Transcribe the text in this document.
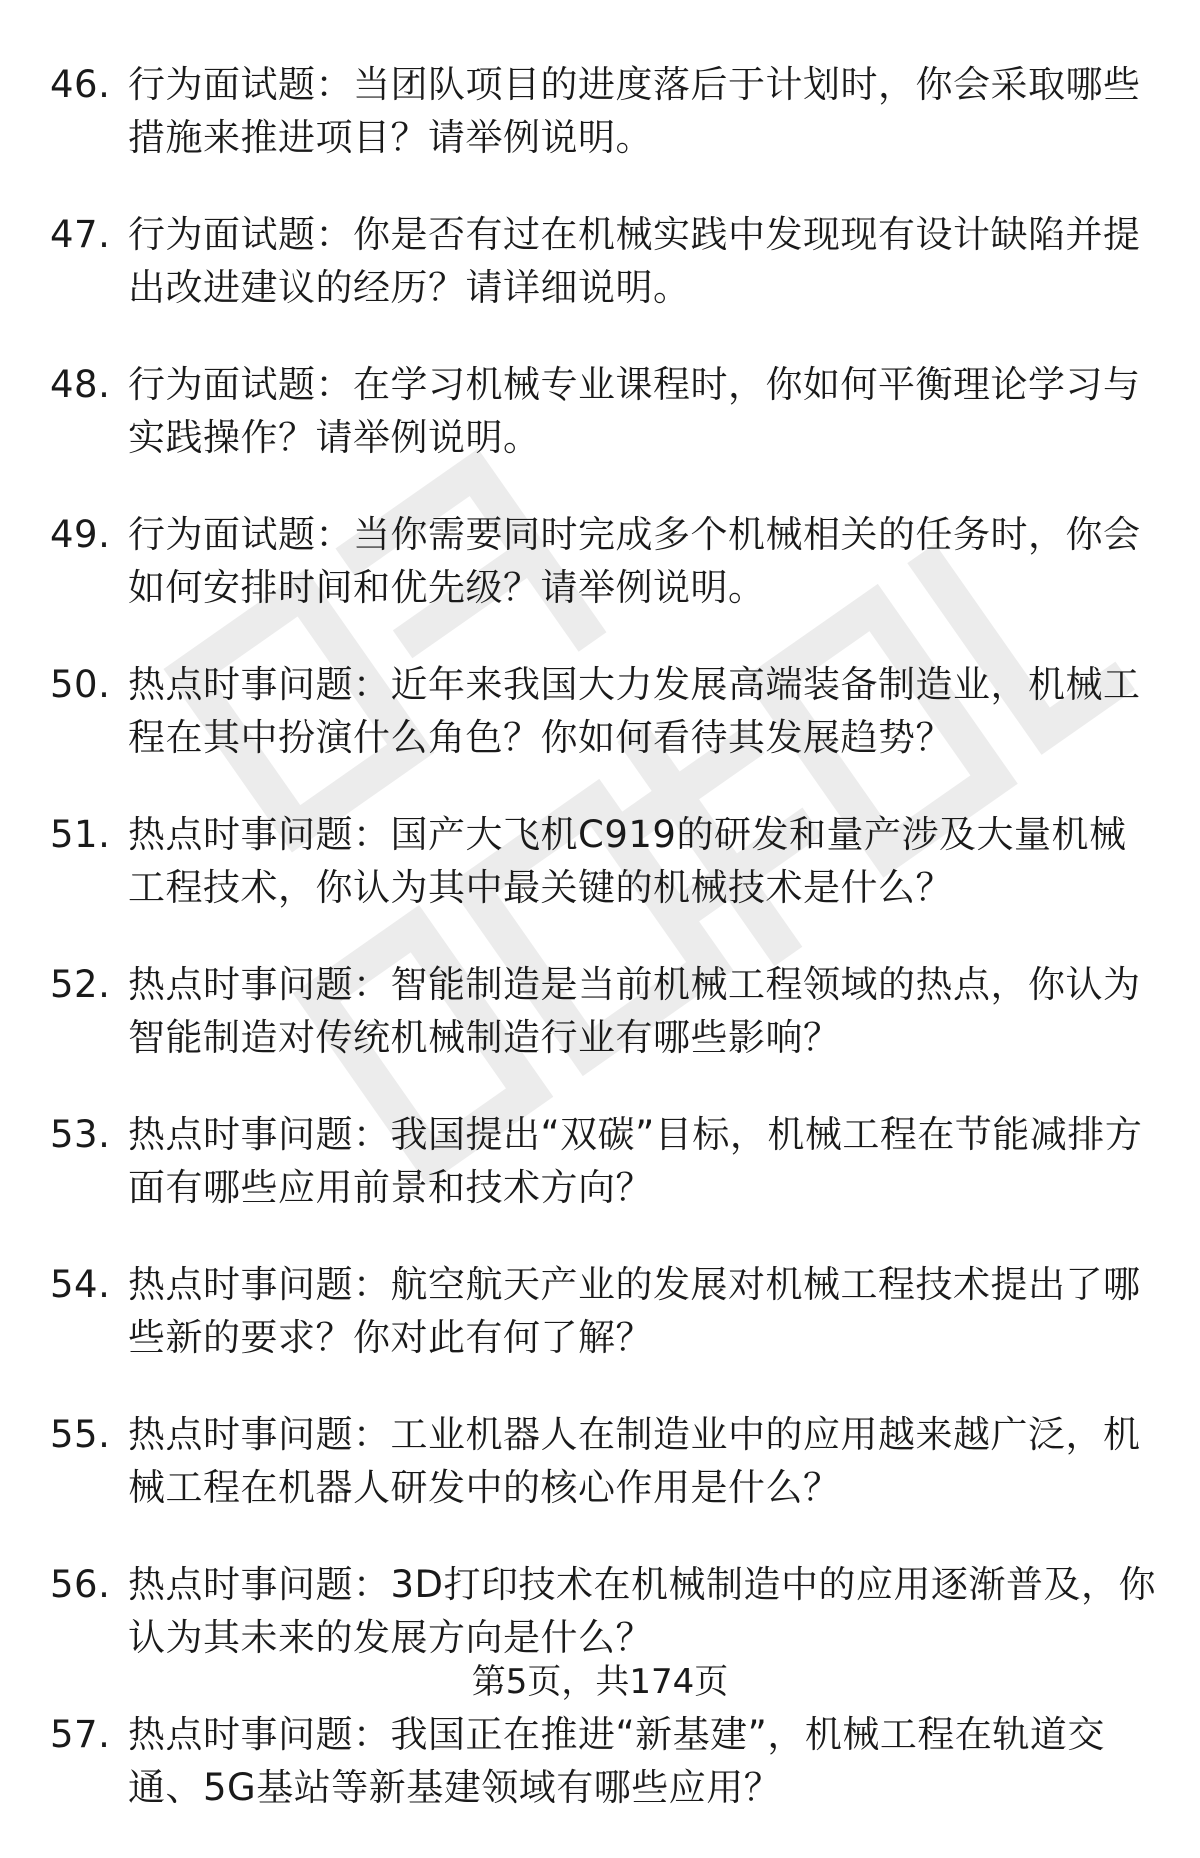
46. 行为面试题：当团队项目的进度落后于计划时，你会采取哪些措施来推进项目？请举例说明。
47. 行为面试题：你是否有过在机械实践中发现现有设计缺陷并提出改进建议的经历？请详细说明。
48. 行为面试题：在学习机械专业课程时，你如何平衡理论学习与实践操作？请举例说明。
49. 行为面试题：当你需要同时完成多个机械相关的任务时，你会如何安排时间和优先级？请举例说明。
50. 热点时事问题：近年来我国大力发展高端装备制造业，机械工程在其中扮演什么角色？你如何看待其发展趋势？
51. 热点时事问题：国产大飞机C919的研发和量产涉及大量机械工程技术，你认为其中最关键的机械技术是什么？
52. 热点时事问题：智能制造是当前机械工程领域的热点，你认为智能制造对传统机械制造行业有哪些影响？
53. 热点时事问题：我国提出“双碳”目标，机械工程在节能减排方面有哪些应用前景和技术方向？
54. 热点时事问题：航空航天产业的发展对机械工程技术提出了哪些新的要求？你对此有何了解？
55. 热点时事问题：工业机器人在制造业中的应用越来越广泛，机械工程在机器人研发中的核心作用是什么？
56. 热点时事问题：3D打印技术在机械制造中的应用逐渐普及，你认为其未来的发展方向是什么？
57. 热点时事问题：我国正在推进“新基建”，机械工程在轨道交通、5G基站等新基建领域有哪些应用？
第5页，共174页
